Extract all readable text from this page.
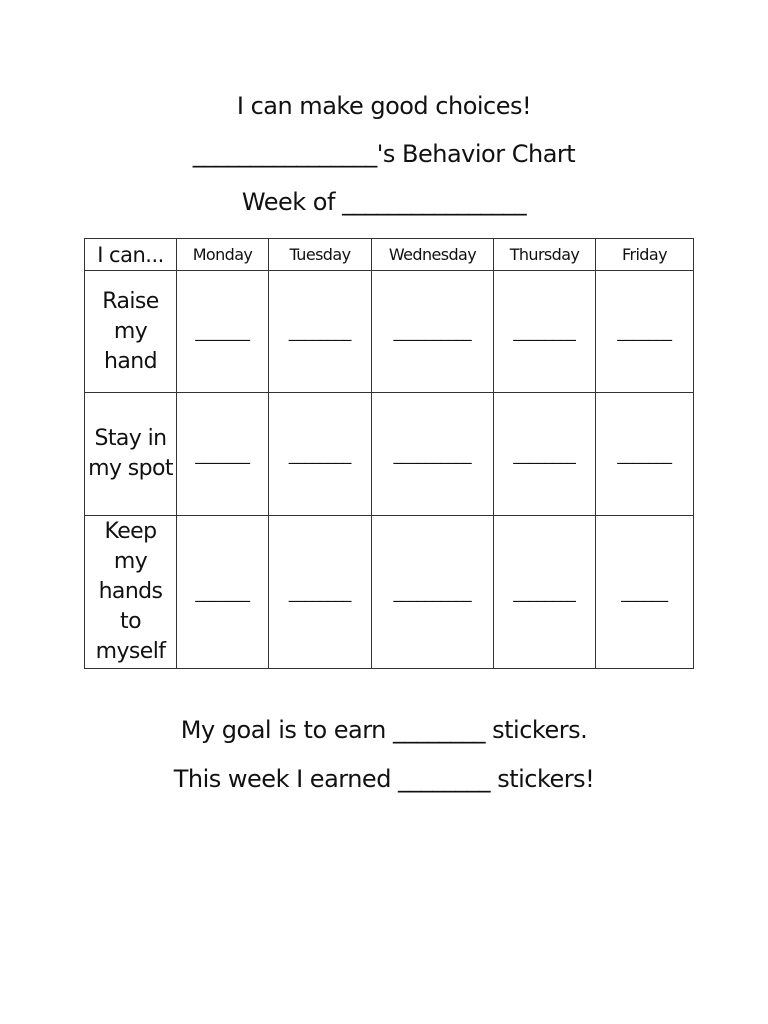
I can make good choices!
________________'s Behavior Chart
Week of ________________
I can...	Monday	Tuesday	Wednesday	Thursday	Friday
Raise my hand	_______	________	__________	________	_______
Stay in my spot	_______	________	__________	________	_______
Keep my hands to myself	_______	________	__________	________	______
My goal is to earn ________ stickers.
This week I earned ________ stickers!
